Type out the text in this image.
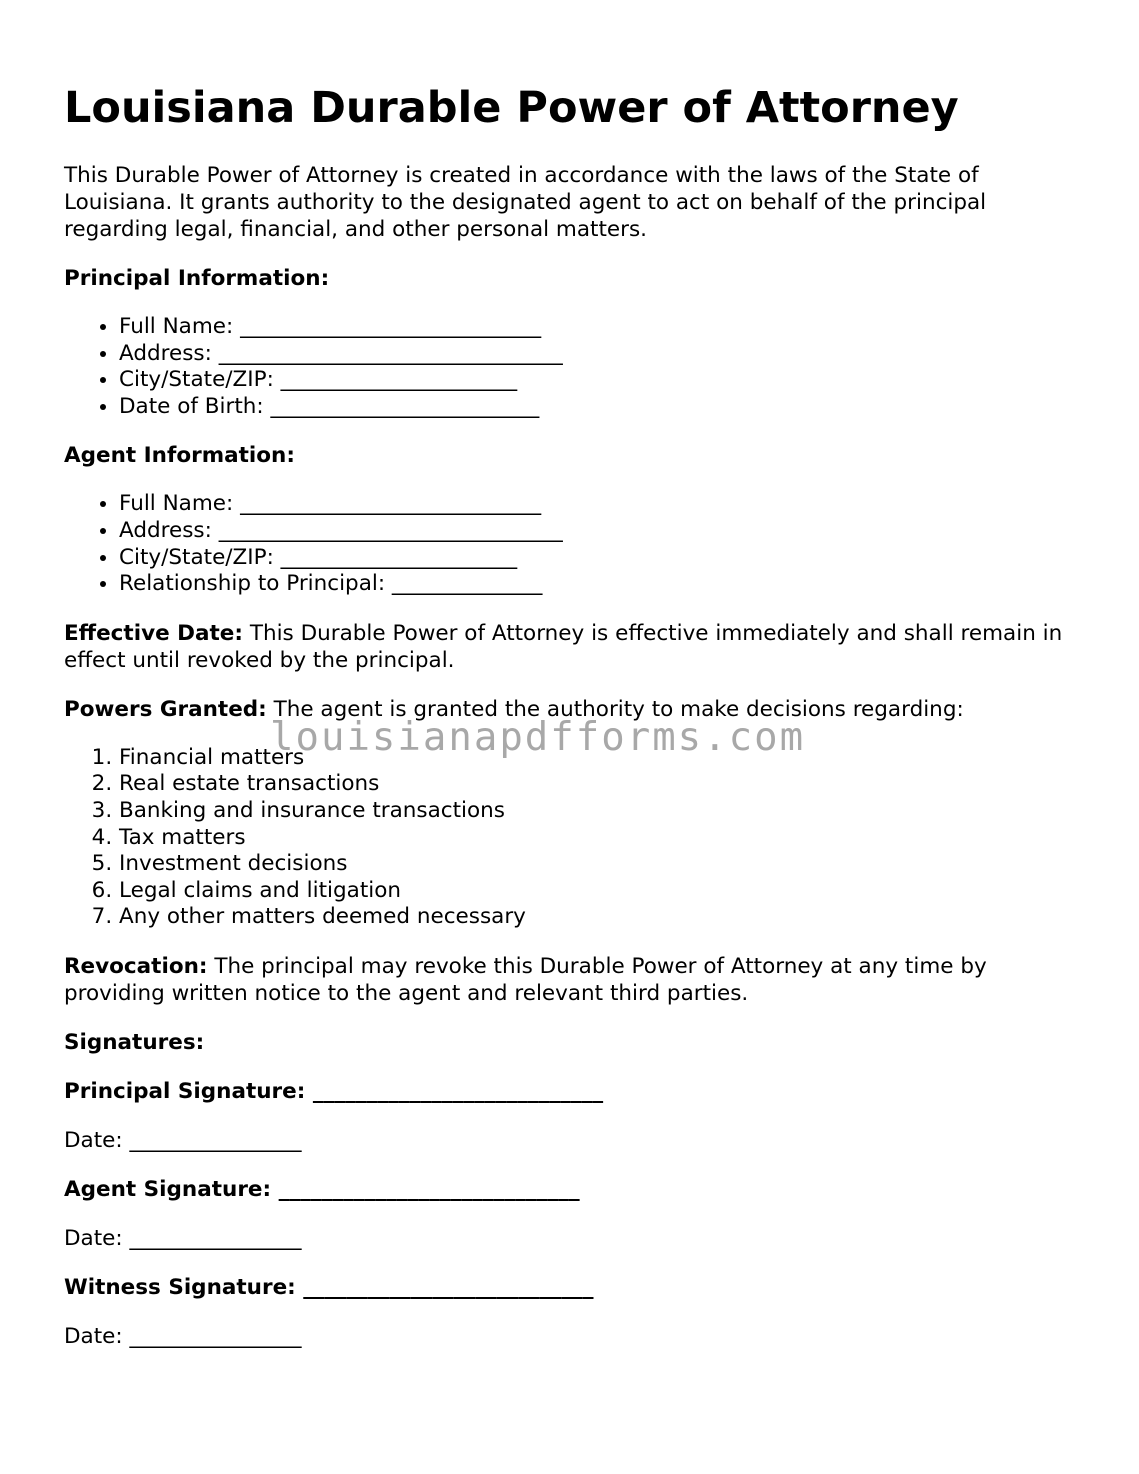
Louisiana Durable Power of Attorney

This Durable Power of Attorney is created in accordance with the laws of the State of Louisiana. It grants authority to the designated agent to act on behalf of the principal regarding legal, financial, and other personal matters.

Principal Information:
• Full Name: ____________________________
• Address: ________________________________
• City/State/ZIP: ______________________
• Date of Birth: _________________________
Agent Information:
• Full Name: ____________________________
• Address: ________________________________
• City/State/ZIP: ______________________
• Relationship to Principal: ______________

Effective Date: This Durable Power of Attorney is effective immediately and shall remain in effect until revoked by the principal.

Powers Granted: The agent is granted the authority to make decisions regarding:

1. Financial matters
2. Real estate transactions
3. Banking and insurance transactions
4. Tax matters
5. Investment decisions
6. Legal claims and litigation
7. Any other matters deemed necessary

Revocation: The principal may revoke this Durable Power of Attorney at any time by providing written notice to the agent and relevant third parties.

Signatures:
Principal Signature: ___________________________
Date: ________________
Agent Signature: ____________________________
Date: ________________
Witness Signature: ___________________________
Date: ________________
louisianapdfforms.com
